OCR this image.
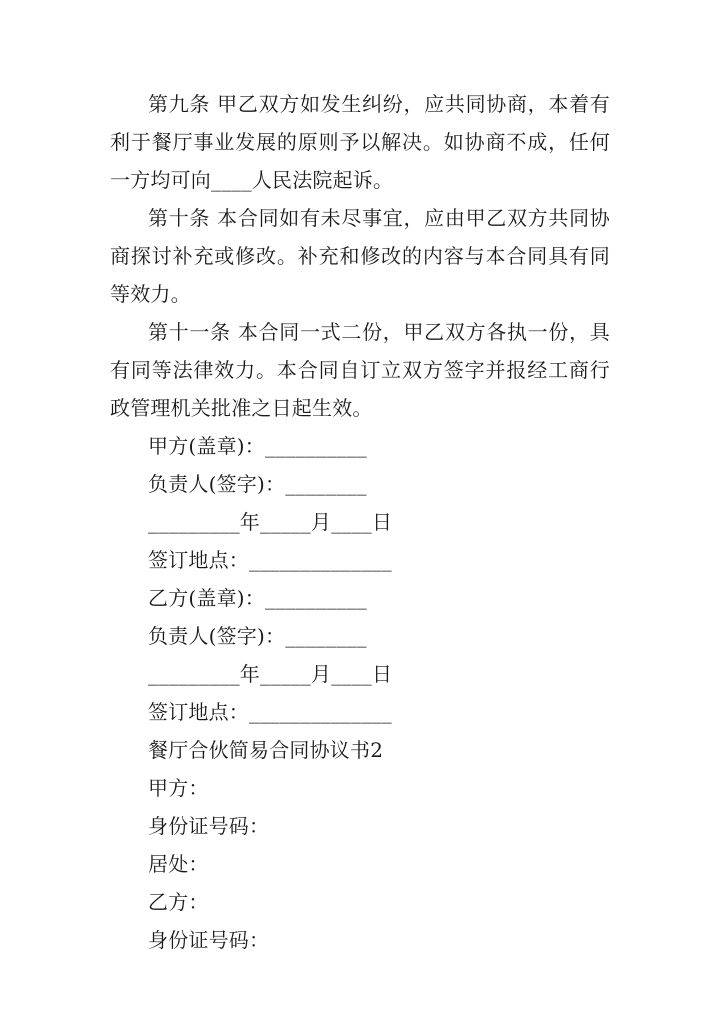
第九条 甲乙双方如发生纠纷，应共同协商，本着有利于餐厅事业发展的原则予以解决。如协商不成，任何一方均可向____人民法院起诉。

第十条 本合同如有未尽事宜，应由甲乙双方共同协商探讨补充或修改。补充和修改的内容与本合同具有同等效力。

第十一条 本合同一式二份，甲乙双方各执一份，具有同等法律效力。本合同自订立双方签字并报经工商行政管理机关批准之日起生效。

甲方(盖章)：__________
负责人(签字)：________
_________年_____月____日
签订地点：______________
乙方(盖章)：__________
负责人(签字)：________
_________年_____月____日
签订地点：______________
餐厅合伙简易合同协议书2
甲方：
身份证号码：
居处：
乙方：
身份证号码：
